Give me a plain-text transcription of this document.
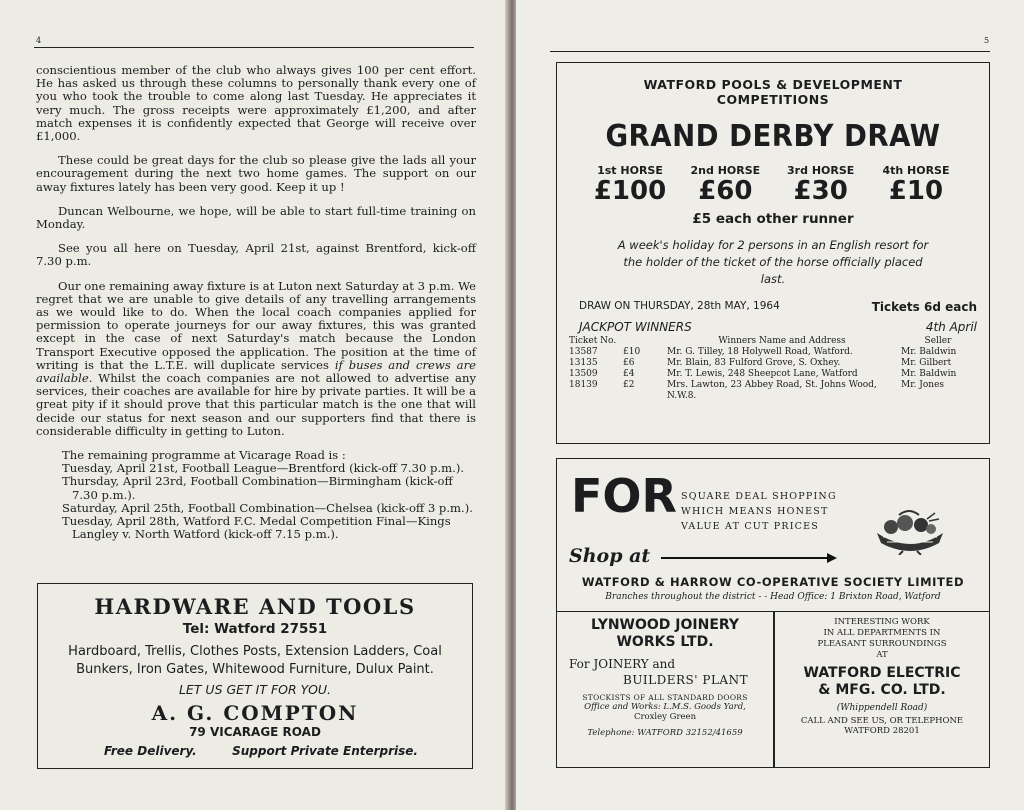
4

conscientious member of the club who always gives 100 per cent effort. He has asked us through these columns to personally thank every one of you who took the trouble to come along last Tuesday. He appreciates it very much. The gross receipts were approximately £1,200, and after match expenses it is confidently expected that George will receive over £1,000.

These could be great days for the club so please give the lads all your encouragement during the next two home games. The support on our away fixtures lately has been very good. Keep it up !

Duncan Welbourne, we hope, will be able to start full-time training on Monday.

See you all here on Tuesday, April 21st, against Brentford, kick-off 7.30 p.m.

Our one remaining away fixture is at Luton next Saturday at 3 p.m. We regret that we are unable to give details of any travelling arrangements as we would like to do. When the local coach companies applied for permission to operate journeys for our away fixtures, this was granted except in the case of next Saturday's match because the London Transport Executive opposed the application. The position at the time of writing is that the L.T.E. will duplicate services if buses and crews are available. Whilst the coach companies are not allowed to advertise any services, their coaches are available for hire by private parties. It will be a great pity if it should prove that this particular match is the one that will decide our status for next season and our supporters find that there is considerable difficulty in getting to Luton.

The remaining programme at Vicarage Road is :
Tuesday, April 21st, Football League—Brentford (kick-off 7.30 p.m.).
Thursday, April 23rd, Football Combination—Birmingham (kick-off 7.30 p.m.).
Saturday, April 25th, Football Combination—Chelsea (kick-off 3 p.m.).
Tuesday, April 28th, Watford F.C. Medal Competition Final—Kings Langley v. North Watford (kick-off 7.15 p.m.).
HARDWARE AND TOOLS
Tel: Watford 27551
Hardboard, Trellis, Clothes Posts, Extension Ladders, Coal Bunkers, Iron Gates, Whitewood Furniture, Dulux Paint.
LET US GET IT FOR YOU.
A. G. COMPTON
79 VICARAGE ROAD
Free Delivery.	Support Private Enterprise.
5
WATFORD POOLS & DEVELOPMENT
COMPETITIONS
GRAND DERBY DRAW
1st HORSE
£100
2nd HORSE
£60
3rd HORSE
£30
4th HORSE
£10
£5 each other runner
A week's holiday for 2 persons in an English resort for the holder of the ticket of the horse officially placed last.
DRAW ON THURSDAY, 28th MAY, 1964	Tickets 6d each
JACKPOT WINNERS	4th April
Ticket No.		Winners Name and Address	Seller
13587	£10	Mr. G. Tilley, 18 Holywell Road, Watford.	Mr. Baldwin
13135	£6	Mr. Blain, 83 Fulford Grove, S. Oxhey.	Mr. Gilbert
13509	£4	Mr. T. Lewis, 248 Sheepcot Lane, Watford	Mr. Baldwin
18139	£2	Mrs. Lawton, 23 Abbey Road, St. Johns Wood, N.W.8.	Mr. Jones
FOR SQUARE DEAL SHOPPING
WHICH MEANS HONEST
VALUE AT CUT PRICES
Shop at
WATFORD & HARROW CO-OPERATIVE SOCIETY LIMITED
Branches throughout the district - - Head Office: 1 Brixton Road, Watford
LYNWOOD JOINERY
WORKS LTD.
For JOINERY and
BUILDERS' PLANT
STOCKISTS OF ALL STANDARD DOORS
Office and Works: L.M.S. Goods Yard,
Croxley Green
Telephone: WATFORD 32152/41659
INTERESTING WORK
IN ALL DEPARTMENTS IN
PLEASANT SURROUNDINGS
AT
WATFORD ELECTRIC
& MFG. CO. LTD.
(Whippendell Road)
CALL AND SEE US, OR TELEPHONE
WATFORD 28201
